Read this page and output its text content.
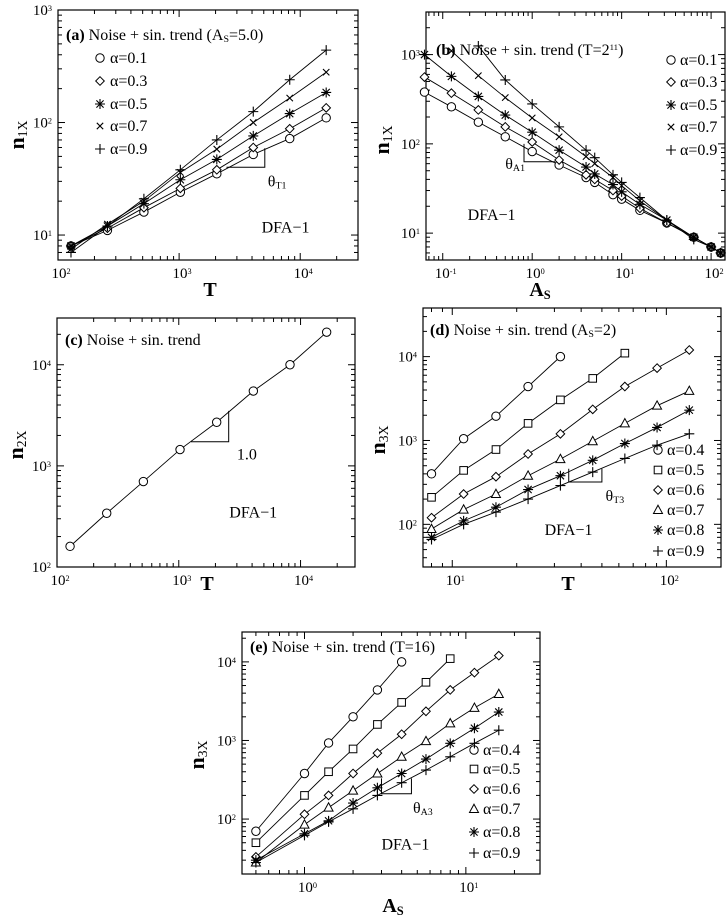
102	103	104
101
102
103
T
n1X
(a) Noise + sin. trend (AS=5.0)
α=0.1
α=0.3
α=0.5
α=0.7
α=0.9
θT1
DFA−1
10-1	100	101	102
101
102
103
AS
n1X
(b) Noise + sin. trend (T=211)
α=0.1
α=0.3
α=0.5
α=0.7
α=0.9
θA1
DFA−1
102	103	104
102
103
104
T
n2X
(c) Noise + sin. trend
1.0
DFA−1
101	102
102
103
104
T
n3X
(d) Noise + sin. trend (AS=2)
α=0.4
α=0.5
α=0.6
α=0.7
α=0.8
α=0.9
θT3
DFA−1
100	101
102
103
104
AS
n3X
(e) Noise + sin. trend (T=16)
α=0.4
α=0.5
α=0.6
α=0.7
α=0.8
α=0.9
θA3
DFA−1
